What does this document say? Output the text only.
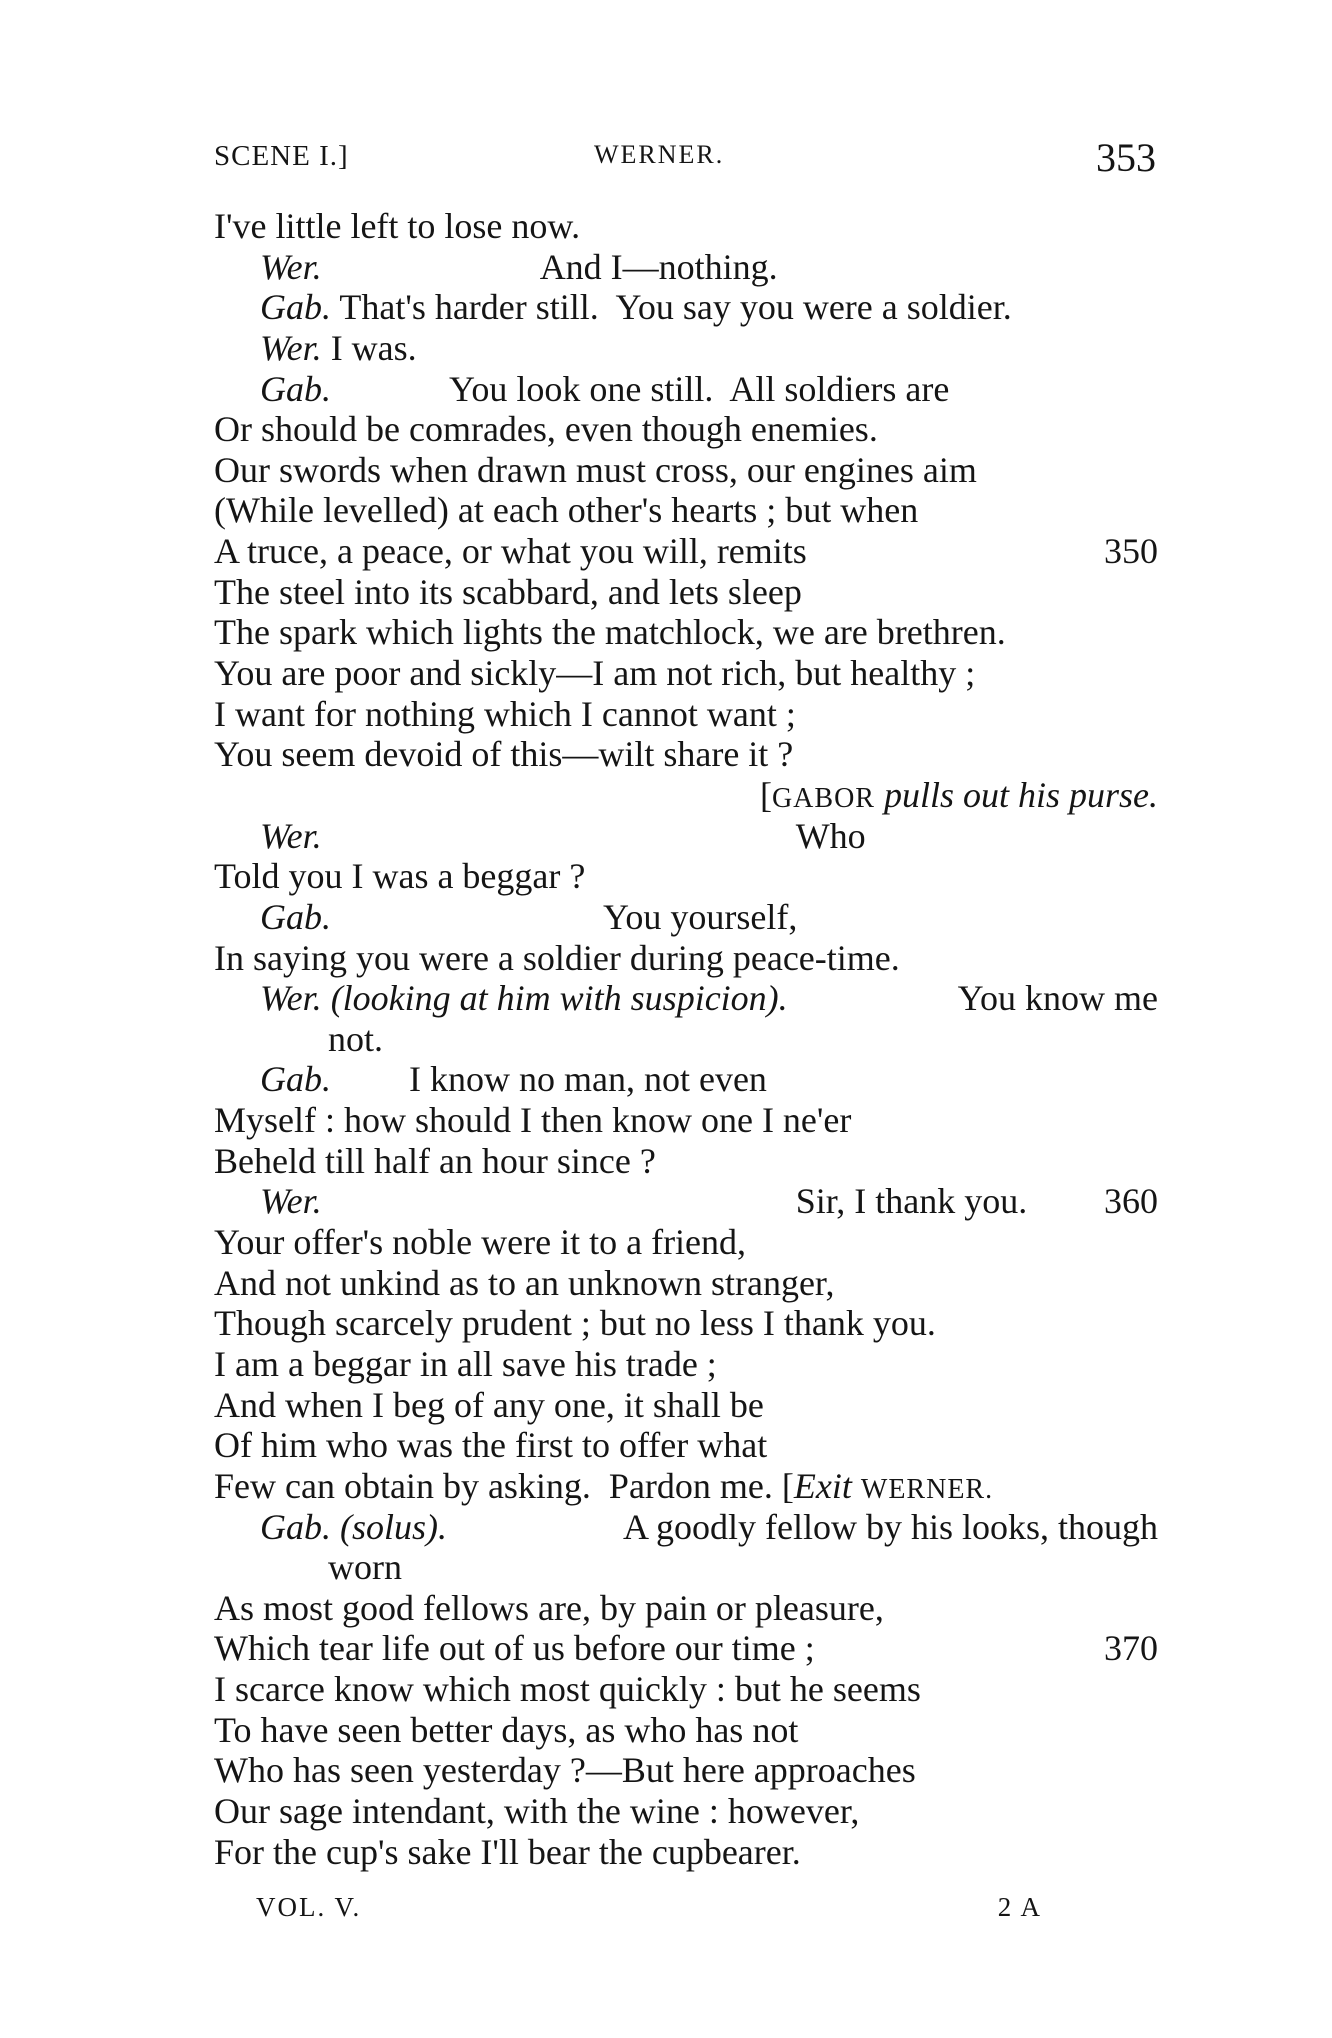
SCENE I.]	WERNER.	353
I've little left to lose now.
Wer.	And I—nothing.
Gab. That's harder still.  You say you were a soldier.
Wer. I was.
Gab.	You look one still.  All soldiers are
Or should be comrades, even though enemies.
Our swords when drawn must cross, our engines aim
(While levelled) at each other's hearts ; but when
A truce, a peace, or what you will, remits	350
The steel into its scabbard, and lets sleep
The spark which lights the matchlock, we are brethren.
You are poor and sickly—I am not rich, but healthy ;
I want for nothing which I cannot want ;
You seem devoid of this—wilt share it ?
[GABOR pulls out his purse.
Wer.	Who
Told you I was a beggar ?
Gab.	You yourself,
In saying you were a soldier during peace-time.
Wer. (looking at him with suspicion).	You know me
not.
Gab. I know no man, not even
Myself : how should I then know one I ne'er
Beheld till half an hour since ?
Wer.	Sir, I thank you. 360
Your offer's noble were it to a friend,
And not unkind as to an unknown stranger,
Though scarcely prudent ; but no less I thank you.
I am a beggar in all save his trade ;
And when I beg of any one, it shall be
Of him who was the first to offer what
Few can obtain by asking.  Pardon me. [Exit WERNER.
Gab. (solus).	A goodly fellow by his looks, though
worn
As most good fellows are, by pain or pleasure,
Which tear life out of us before our time ;	370
I scarce know which most quickly : but he seems
To have seen better days, as who has not
Who has seen yesterday ?—But here approaches
Our sage intendant, with the wine : however,
For the cup's sake I'll bear the cupbearer.
VOL. V.	2 A
